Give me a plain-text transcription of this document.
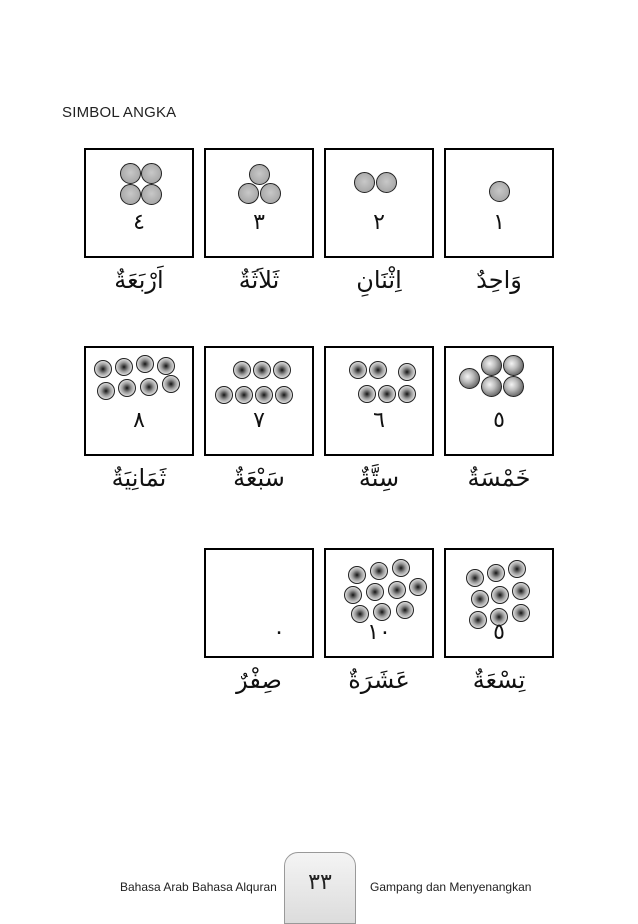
SIMBOL ANGKA
١
وَاحِدٌ
٢
اِثْنَانِ
٣
ثَلاَثَةٌ
٤
اَرْبَعَةٌ
٥
خَمْسَةٌ
٦
سِتَّةٌ
٧
سَبْعَةٌ
٨
ثَمَانِيَةٌ
٥
تِسْعَةٌ
١٠
عَشَرَةٌ
٠
صِفْرٌ
Bahasa Arab Bahasa Alquran	٣٣	Gampang dan Menyenangkan
